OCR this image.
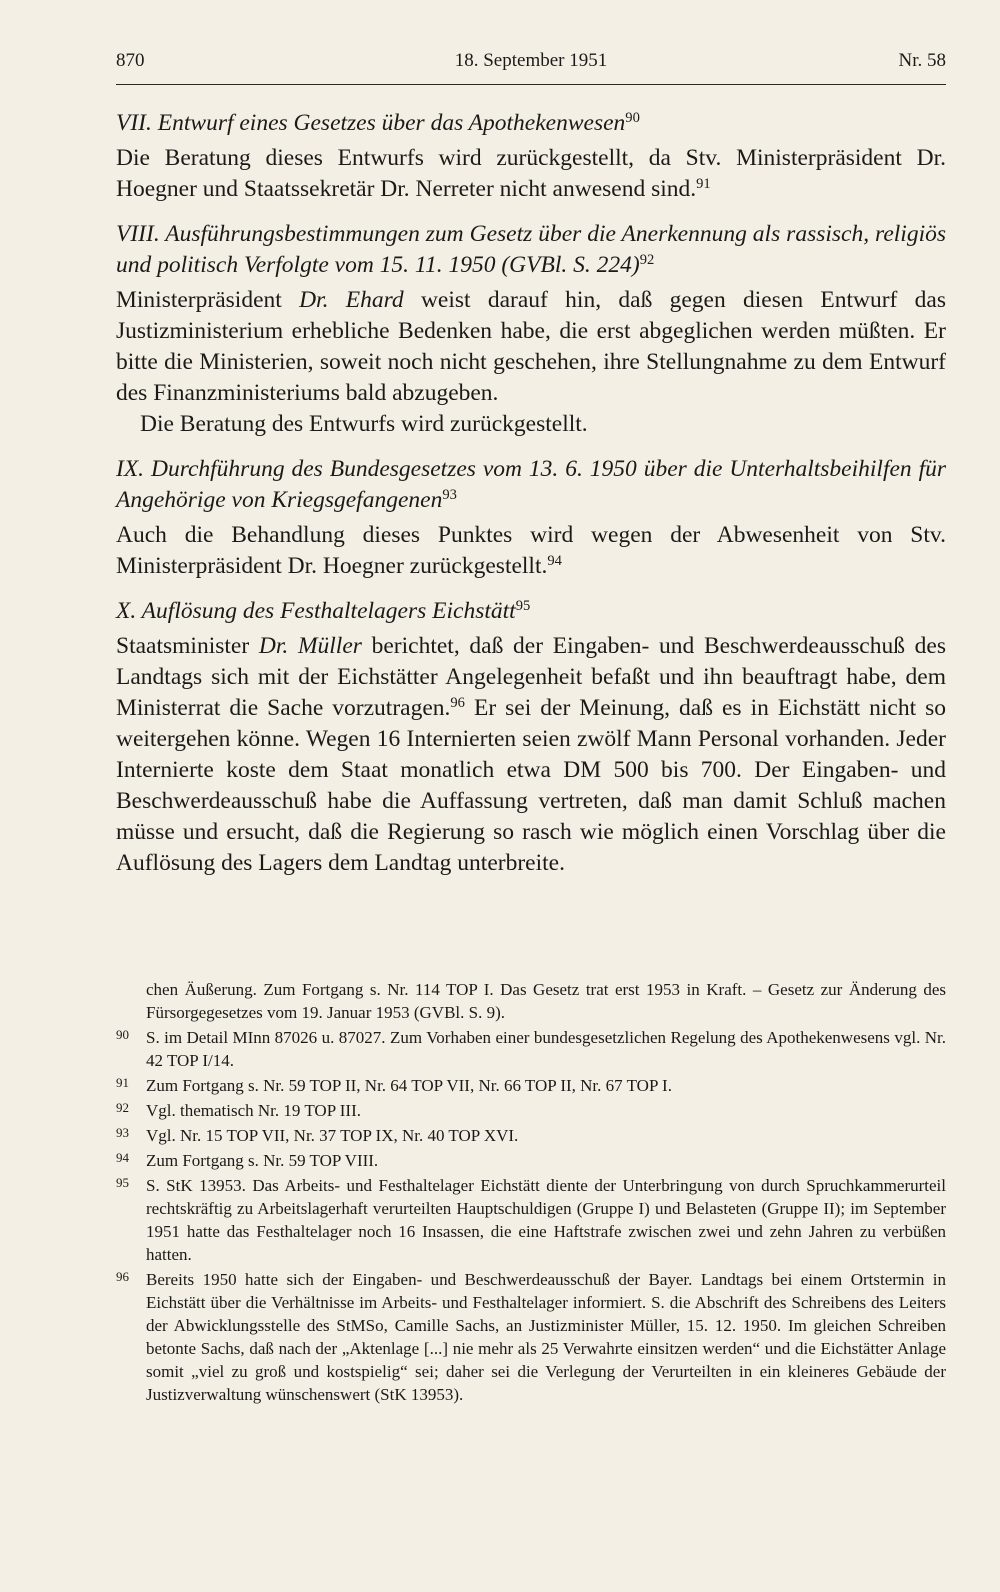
18. September 1951
870	Nr. 58

VII. Entwurf eines Gesetzes über das Apothekenwesen$^{90}$

Die Beratung dieses Entwurfs wird zurückgestellt, da Stv. Ministerpräsident Dr. Hoegner und Staatssekretär Dr. Nerreter nicht anwesend sind.$^{91}$

VIII. Ausführungsbestimmungen zum Gesetz über die Anerkennung als rassisch, religiös und politisch Verfolgte vom 15. 11. 1950 (GVBl. S. 224)$^{92}$

Ministerpräsident Dr. Ehard weist darauf hin, daß gegen diesen Entwurf das Justizministerium erhebliche Bedenken habe, die erst abgeglichen werden müßten. Er bitte die Ministerien, soweit noch nicht geschehen, ihre Stellungnahme zu dem Entwurf des Finanzministeriums bald abzugeben.

Die Beratung des Entwurfs wird zurückgestellt.

IX. Durchführung des Bundesgesetzes vom 13. 6. 1950 über die Unterhaltsbeihilfen für Angehörige von Kriegsgefangenen$^{93}$

Auch die Behandlung dieses Punktes wird wegen der Abwesenheit von Stv. Ministerpräsident Dr. Hoegner zurückgestellt.$^{94}$

X. Auflösung des Festhaltelagers Eichstätt$^{95}$

Staatsminister Dr. Müller berichtet, daß der Eingaben- und Beschwerdeausschuß des Landtags sich mit der Eichstätter Angelegenheit befaßt und ihn beauftragt habe, dem Ministerrat die Sache vorzutragen.$^{96}$ Er sei der Meinung, daß es in Eichstätt nicht so weitergehen könne. Wegen 16 Internierten seien zwölf Mann Personal vorhanden. Jeder Internierte koste dem Staat monatlich etwa DM 500 bis 700. Der Eingaben- und Beschwerdeausschuß habe die Auffassung vertreten, daß man damit Schluß machen müsse und ersucht, daß die Regierung so rasch wie möglich einen Vorschlag über die Auflösung des Lagers dem Landtag unterbreite.

chen Äußerung. Zum Fortgang s. Nr. 114 TOP I. Das Gesetz trat erst 1953 in Kraft. – Gesetz zur Änderung des Fürsorgegesetzes vom 19. Januar 1953 (GVBl. S. 9).
90	S. im Detail MInn 87026 u. 87027. Zum Vorhaben einer bundesgesetzlichen Regelung des Apothekenwesens vgl. Nr. 42 TOP I/14.
91	Zum Fortgang s. Nr. 59 TOP II, Nr. 64 TOP VII, Nr. 66 TOP II, Nr. 67 TOP I.
92	Vgl. thematisch Nr. 19 TOP III.
93	Vgl. Nr. 15 TOP VII, Nr. 37 TOP IX, Nr. 40 TOP XVI.
94	Zum Fortgang s. Nr. 59 TOP VIII.
95	S. StK 13953. Das Arbeits- und Festhaltelager Eichstätt diente der Unterbringung von durch Spruchkammerurteil rechtskräftig zu Arbeitslagerhaft verurteilten Hauptschuldigen (Gruppe I) und Belasteten (Gruppe II); im September 1951 hatte das Festhaltelager noch 16 Insassen, die eine Haftstrafe zwischen zwei und zehn Jahren zu verbüßen hatten.
96	Bereits 1950 hatte sich der Eingaben- und Beschwerdeausschuß der Bayer. Landtags bei einem Ortstermin in Eichstätt über die Verhältnisse im Arbeits- und Festhaltelager informiert. S. die Abschrift des Schreibens des Leiters der Abwicklungsstelle des StMSo, Camille Sachs, an Justizminister Müller, 15. 12. 1950. Im gleichen Schreiben betonte Sachs, daß nach der „Aktenlage [...] nie mehr als 25 Verwahrte einsitzen werden“ und die Eichstätter Anlage somit „viel zu groß und kostspielig“ sei; daher sei die Verlegung der Verurteilten in ein kleineres Gebäude der Justizverwaltung wünschenswert (StK 13953).
